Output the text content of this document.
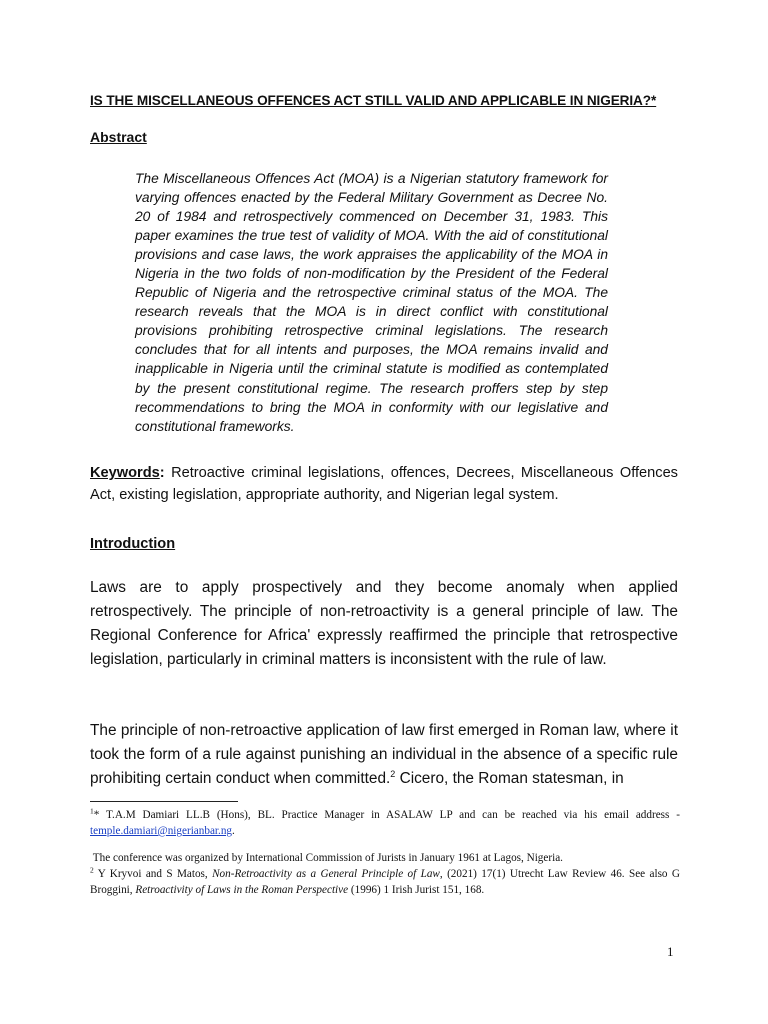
IS THE MISCELLANEOUS OFFENCES ACT STILL VALID AND APPLICABLE IN NIGERIA?*
Abstract
The Miscellaneous Offences Act (MOA) is a Nigerian statutory framework for varying offences enacted by the Federal Military Government as Decree No. 20 of 1984 and retrospectively commenced on December 31, 1983. This paper examines the true test of validity of MOA. With the aid of constitutional provisions and case laws, the work appraises the applicability of the MOA in Nigeria in the two folds of non-modification by the President of the Federal Republic of Nigeria and the retrospective criminal status of the MOA. The research reveals that the MOA is in direct conflict with constitutional provisions prohibiting retrospective criminal legislations. The research concludes that for all intents and purposes, the MOA remains invalid and inapplicable in Nigeria until the criminal statute is modified as contemplated by the present constitutional regime. The research proffers step by step recommendations to bring the MOA in conformity with our legislative and constitutional frameworks.
Keywords: Retroactive criminal legislations, offences, Decrees, Miscellaneous Offences Act, existing legislation, appropriate authority, and Nigerian legal system.
Introduction
Laws are to apply prospectively and they become anomaly when applied retrospectively. The principle of non-retroactivity is a general principle of law. The Regional Conference for Africa' expressly reaffirmed the principle that retrospective legislation, particularly in criminal matters is inconsistent with the rule of law.
The principle of non-retroactive application of law first emerged in Roman law, where it took the form of a rule against punishing an individual in the absence of a specific rule prohibiting certain conduct when committed.$^2$ Cicero, the Roman statesman, in

$^1$* T.A.M Damiari LL.B (Hons), BL. Practice Manager in ASALAW LP and can be reached via his email address - temple.damiari@nigerianbar.ng.

The conference was organized by International Commission of Jurists in January 1961 at Lagos, Nigeria.

$^2$ Y Kryvoi and S Matos, Non-Retroactivity as a General Principle of Law, (2021) 17(1) Utrecht Law Review 46. See also G Broggini, Retroactivity of Laws in the Roman Perspective (1996) 1 Irish Jurist 151, 168.

1
